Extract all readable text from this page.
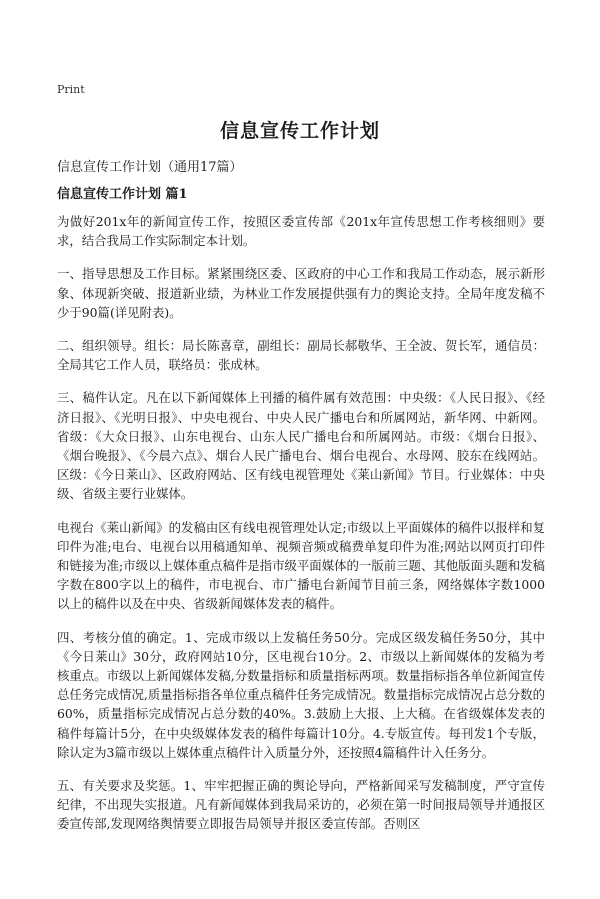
Print
信息宣传工作计划
信息宣传工作计划（通用17篇）
信息宣传工作计划 篇1

为做好201x年的新闻宣传工作，按照区委宣传部《201x年宣传思想工作考核细则》要求，结合我局工作实际制定本计划。

一、指导思想及工作目标。紧紧围绕区委、区政府的中心工作和我局工作动态，展示新形象、体现新突破、报道新业绩，为林业工作发展提供强有力的舆论支持。全局年度发稿不少于90篇(详见附表)。

二、组织领导。组长：局长陈喜章，副组长：副局长郝敬华、王全波、贺长军，通信员：全局其它工作人员，联络员：张成林。

三、稿件认定。凡在以下新闻媒体上刊播的稿件属有效范围：中央级：《人民日报》、《经济日报》、《光明日报》、中央电视台、中央人民广播电台和所属网站，新华网、中新网。省级：《大众日报》、山东电视台、山东人民广播电台和所属网站。市级：《烟台日报》、《烟台晚报》、《今晨六点》、烟台人民广播电台、烟台电视台、水母网、胶东在线网站。区级：《今日莱山》、区政府网站、区有线电视管理处《莱山新闻》节目。行业媒体：中央级、省级主要行业媒体。

电视台《莱山新闻》的发稿由区有线电视管理处认定;市级以上平面媒体的稿件以报样和复印件为准;电台、电视台以用稿通知单、视频音频或稿费单复印件为准;网站以网页打印件和链接为准;市级以上媒体重点稿件是指市级平面媒体的一版前三题、其他版面头题和发稿字数在800字以上的稿件，市电视台、市广播电台新闻节目前三条，网络媒体字数1000以上的稿件以及在中央、省级新闻媒体发表的稿件。

四、考核分值的确定。1、完成市级以上发稿任务50分。完成区级发稿任务50分，其中《今日莱山》30分，政府网站10分，区电视台10分。2、市级以上新闻媒体的发稿为考核重点。市级以上新闻媒体发稿,分数量指标和质量指标两项。数量指标指各单位新闻宣传总任务完成情况,质量指标指各单位重点稿件任务完成情况。数量指标完成情况占总分数的60%，质量指标完成情况占总分数的40%。3.鼓励上大报、上大稿。在省级媒体发表的稿件每篇计5分，在中央级媒体发表的稿件每篇计10分。4.专版宣传。每刊发1个专版，除认定为3篇市级以上媒体重点稿件计入质量分外，还按照4篇稿件计入任务分。

五、有关要求及奖惩。1、牢牢把握正确的舆论导向，严格新闻采写发稿制度，严守宣传纪律，不出现失实报道。凡有新闻媒体到我局采访的，必须在第一时间报局领导并通报区委宣传部,发现网络舆情要立即报告局领导并报区委宣传部。否则区
